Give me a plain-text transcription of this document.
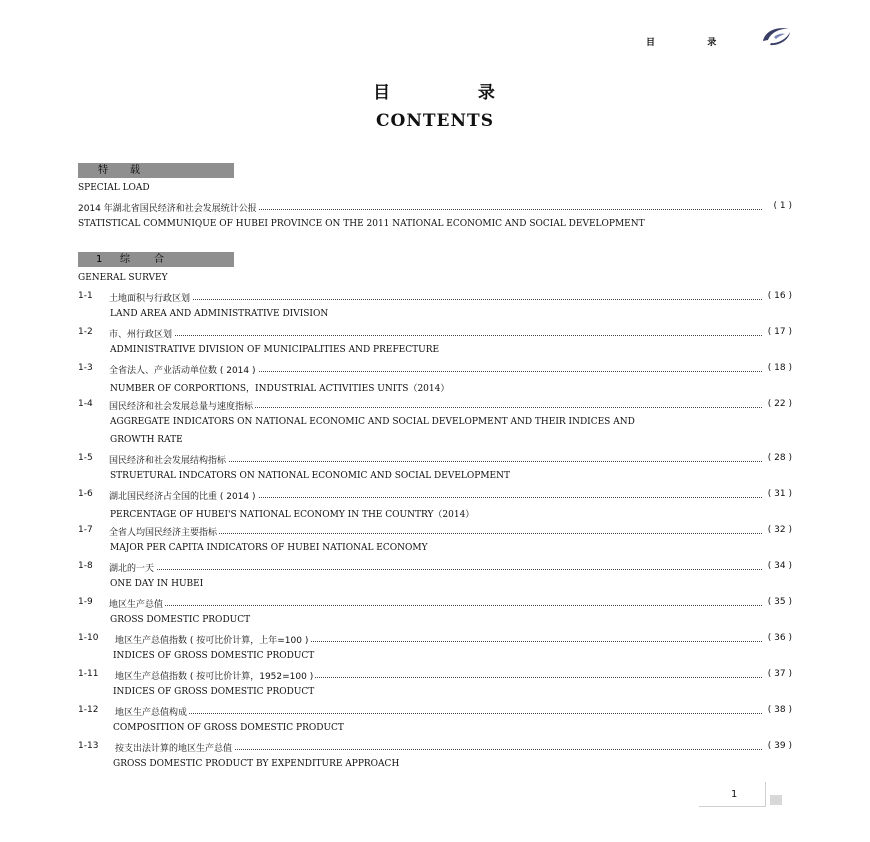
目	录
目	录
CONTENTS
特 载
SPECIAL LOAD
2014 年湖北省国民经济和社会发展统计公报	( 1 )
STATISTICAL COMMUNIQUE OF HUBEI PROVINCE ON THE 2011 NATIONAL ECONOMIC AND SOCIAL DEVELOPMENT
1 综 合
GENERAL SURVEY
1-1 土地面积与行政区划	( 16 )
LAND AREA AND ADMINISTRATIVE DIVISION
1-2 市、州行政区划	( 17 )
ADMINISTRATIVE DIVISION OF MUNICIPALITIES AND PREFECTURE
1-3 全省法人、产业活动单位数 ( 2014 )	( 18 )
NUMBER OF CORPORTIONS，INDUSTRIAL ACTIVITIES UNITS（2014）
1-4 国民经济和社会发展总量与速度指标	( 22 )
AGGREGATE INDICATORS ON NATIONAL ECONOMIC AND SOCIAL DEVELOPMENT AND THEIR INDICES AND
GROWTH RATE
1-5 国民经济和社会发展结构指标	( 28 )
STRUETURAL INDCATORS ON NATIONAL ECONOMIC AND SOCIAL DEVELOPMENT
1-6 湖北国民经济占全国的比重 ( 2014 )	( 31 )
PERCENTAGE OF HUBEI'S NATIONAL ECONOMY IN THE COUNTRY（2014）
1-7 全省人均国民经济主要指标	( 32 )
MAJOR PER CAPITA INDICATORS OF HUBEI NATIONAL ECONOMY
1-8 湖北的一天	( 34 )
ONE DAY IN HUBEI
1-9 地区生产总值	( 35 )
GROSS DOMESTIC PRODUCT
1-10 地区生产总值指数 ( 按可比价计算，上年=100 )	( 36 )
INDICES OF GROSS DOMESTIC PRODUCT
1-11 地区生产总值指数 ( 按可比价计算，1952=100 )	( 37 )
INDICES OF GROSS DOMESTIC PRODUCT
1-12 地区生产总值构成	( 38 )
COMPOSITION OF GROSS DOMESTIC PRODUCT
1-13 按支出法计算的地区生产总值	( 39 )
GROSS DOMESTIC PRODUCT BY EXPENDITURE APPROACH
1
